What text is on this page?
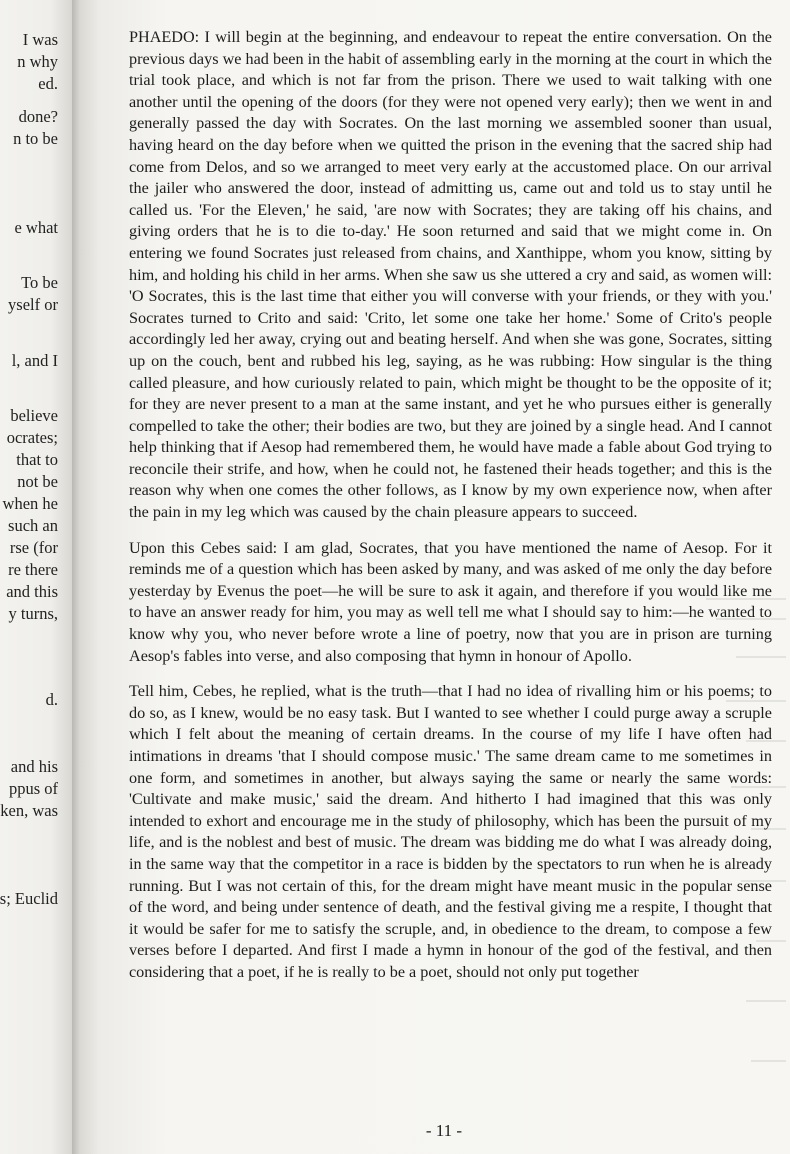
I was
n why
ed.
done?
n to be
e what
To be
yself or
l, and I
believe
ocrates;
that to
not be
when he
such an
rse (for
re there
and this
y turns,
d.
and his
ppus of
ken, was
s; Euclid

PHAEDO: I will begin at the beginning, and endeavour to repeat the entire conversation. On the previous days we had been in the habit of assembling early in the morning at the court in which the trial took place, and which is not far from the prison. There we used to wait talking with one another until the opening of the doors (for they were not opened very early); then we went in and generally passed the day with Socrates. On the last morning we assembled sooner than usual, having heard on the day before when we quitted the prison in the evening that the sacred ship had come from Delos, and so we arranged to meet very early at the accustomed place. On our arrival the jailer who answered the door, instead of admitting us, came out and told us to stay until he called us. 'For the Eleven,' he said, 'are now with Socrates; they are taking off his chains, and giving orders that he is to die to-day.' He soon returned and said that we might come in. On entering we found Socrates just released from chains, and Xanthippe, whom you know, sitting by him, and holding his child in her arms. When she saw us she uttered a cry and said, as women will: 'O Socrates, this is the last time that either you will converse with your friends, or they with you.' Socrates turned to Crito and said: 'Crito, let some one take her home.' Some of Crito's people accordingly led her away, crying out and beating herself. And when she was gone, Socrates, sitting up on the couch, bent and rubbed his leg, saying, as he was rubbing: How singular is the thing called pleasure, and how curiously related to pain, which might be thought to be the opposite of it; for they are never present to a man at the same instant, and yet he who pursues either is generally compelled to take the other; their bodies are two, but they are joined by a single head. And I cannot help thinking that if Aesop had remembered them, he would have made a fable about God trying to reconcile their strife, and how, when he could not, he fastened their heads together; and this is the reason why when one comes the other follows, as I know by my own experience now, when after the pain in my leg which was caused by the chain pleasure appears to succeed.

Upon this Cebes said: I am glad, Socrates, that you have mentioned the name of Aesop. For it reminds me of a question which has been asked by many, and was asked of me only the day before yesterday by Evenus the poet—he will be sure to ask it again, and therefore if you would like me to have an answer ready for him, you may as well tell me what I should say to him:—he wanted to know why you, who never before wrote a line of poetry, now that you are in prison are turning Aesop's fables into verse, and also composing that hymn in honour of Apollo.

Tell him, Cebes, he replied, what is the truth—that I had no idea of rivalling him or his poems; to do so, as I knew, would be no easy task. But I wanted to see whether I could purge away a scruple which I felt about the meaning of certain dreams. In the course of my life I have often had intimations in dreams 'that I should compose music.' The same dream came to me sometimes in one form, and sometimes in another, but always saying the same or nearly the same words: 'Cultivate and make music,' said the dream. And hitherto I had imagined that this was only intended to exhort and encourage me in the study of philosophy, which has been the pursuit of my life, and is the noblest and best of music. The dream was bidding me do what I was already doing, in the same way that the competitor in a race is bidden by the spectators to run when he is already running. But I was not certain of this, for the dream might have meant music in the popular sense of the word, and being under sentence of death, and the festival giving me a respite, I thought that it would be safer for me to satisfy the scruple, and, in obedience to the dream, to compose a few verses before I departed. And first I made a hymn in honour of the god of the festival, and then considering that a poet, if he is really to be a poet, should not only put together

- 11 -
